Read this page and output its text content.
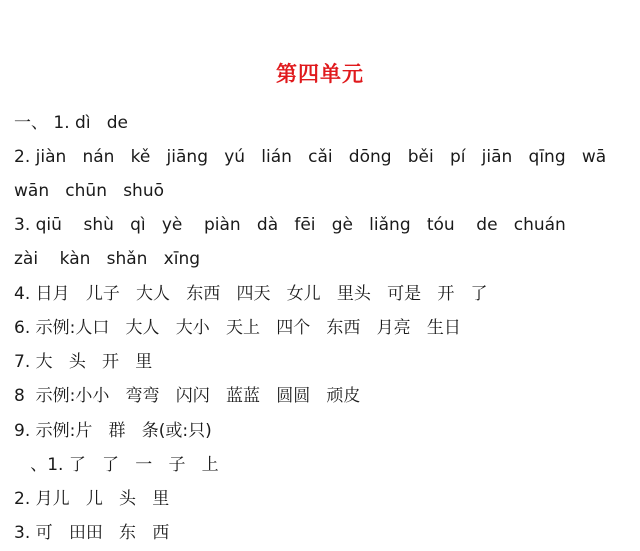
第四单元
一、 1. dì   de
2. jiàn   nán   kě   jiāng   yú   lián   cǎi   dōng   běi   pí   jiān   qīng   wā
wān   chūn   shuō
3. qiū    shù   qì   yè    piàn   dà   fēi   gè   liǎng   tóu    de   chuán
zài    kàn   shǎn   xīng
4. 日月   儿子   大人   东西   四天   女儿   里头   可是   开   了
6. 示例:人口   大人   大小   天上   四个   东西   月亮   生日
7. 大   头   开   里
8  示例:小小   弯弯   闪闪   蓝蓝   圆圆   顽皮
9. 示例:片   群   条(或:只)
、1. 了   了   一   子   上
2. 月儿   儿   头   里
3. 可   田田   东   西
